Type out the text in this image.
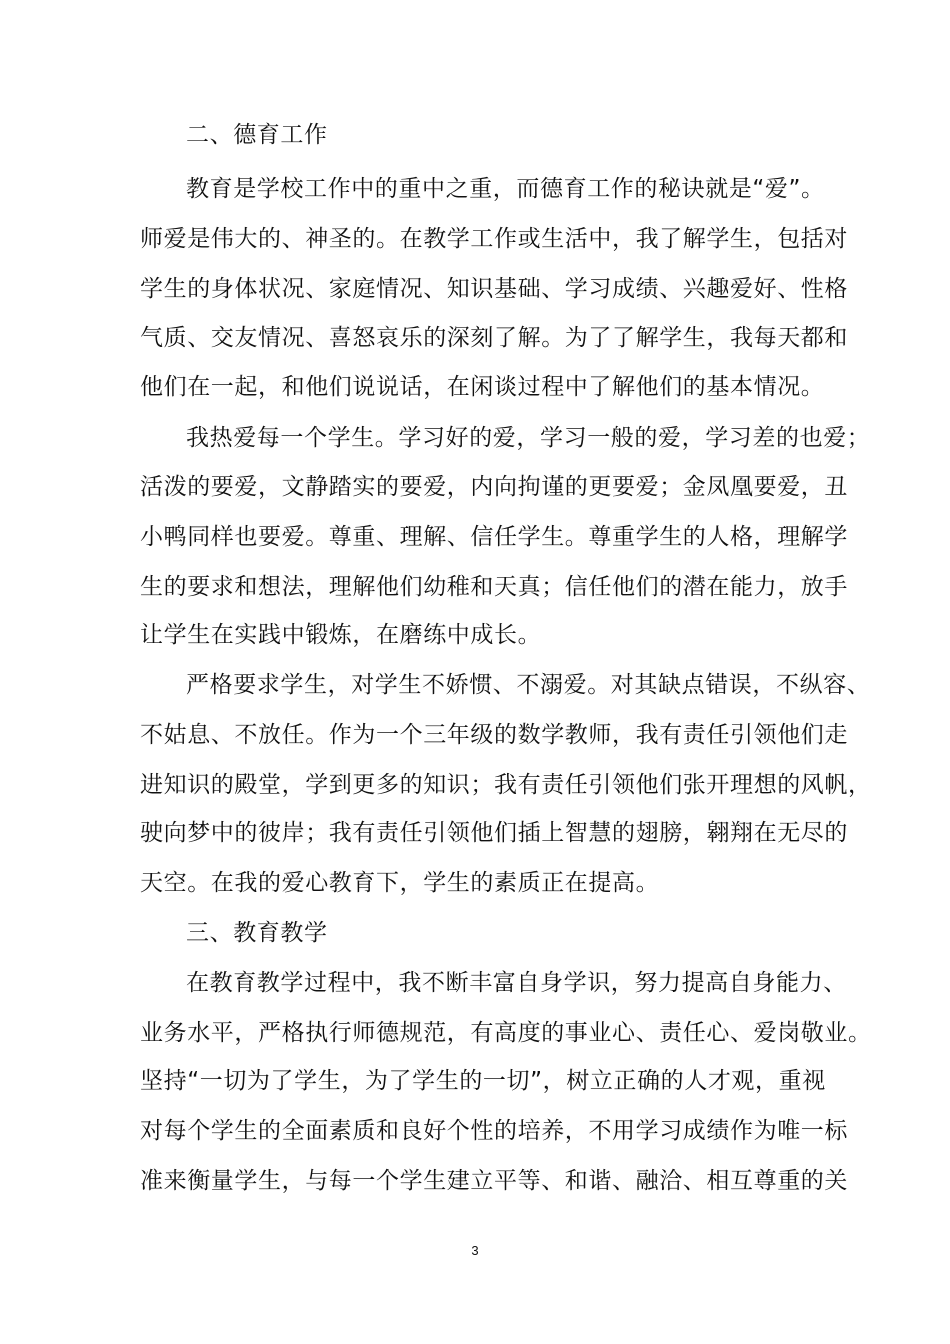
二、德育工作
教育是学校工作中的重中之重，而德育工作的秘诀就是“爱”。
师爱是伟大的、神圣的。在教学工作或生活中，我了解学生，包括对
学生的身体状况、家庭情况、知识基础、学习成绩、兴趣爱好、性格
气质、交友情况、喜怒哀乐的深刻了解。为了了解学生，我每天都和
他们在一起，和他们说说话，在闲谈过程中了解他们的基本情况。
我热爱每一个学生。学习好的爱，学习一般的爱，学习差的也爱；
活泼的要爱，文静踏实的要爱，内向拘谨的更要爱；金凤凰要爱，丑
小鸭同样也要爱。尊重、理解、信任学生。尊重学生的人格，理解学
生的要求和想法，理解他们幼稚和天真；信任他们的潜在能力，放手
让学生在实践中锻炼，在磨练中成长。
严格要求学生，对学生不娇惯、不溺爱。对其缺点错误，不纵容、
不姑息、不放任。作为一个三年级的数学教师，我有责任引领他们走
进知识的殿堂，学到更多的知识；我有责任引领他们张开理想的风帆，
驶向梦中的彼岸；我有责任引领他们插上智慧的翅膀，翱翔在无尽的
天空。在我的爱心教育下，学生的素质正在提高。
三、教育教学
在教育教学过程中，我不断丰富自身学识，努力提高自身能力、
业务水平，严格执行师德规范，有高度的事业心、责任心、爱岗敬业。
坚持“一切为了学生，为了学生的一切”，树立正确的人才观，重视
对每个学生的全面素质和良好个性的培养，不用学习成绩作为唯一标
准来衡量学生，与每一个学生建立平等、和谐、融洽、相互尊重的关
3
